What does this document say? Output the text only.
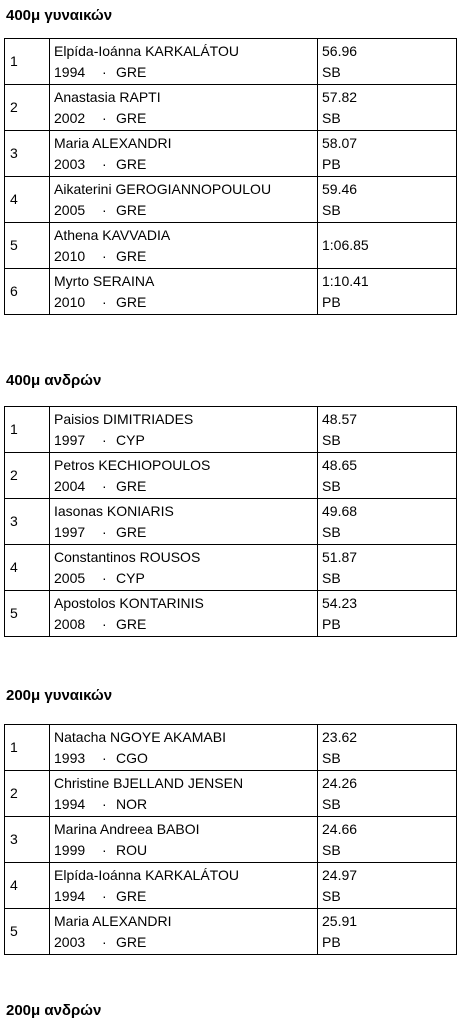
400μ γυναικών
1	Elpída-Ioánna KARKALÁTOU
1994 · GRE	56.96
SB

2	Anastasia RAPTI
2002 · GRE	57.82
SB

3	Maria ALEXANDRI
2003 · GRE	58.07
PB

4	Aikaterini GEROGIANNOPOULOU
2005 · GRE	59.46
SB

5	Athena KAVVADIA
2010 · GRE	1:06.85

6	Myrto SERAINA
2010 · GRE	1:10.41
PB
400μ ανδρών
1	Paisios DIMITRIADES
1997 · CYP	48.57
SB

2	Petros KECHIOPOULOS
2004 · GRE	48.65
SB

3	Iasonas KONIARIS
1997 · GRE	49.68
SB

4	Constantinos ROUSOS
2005 · CYP	51.87
SB

5	Apostolos KONTARINIS
2008 · GRE	54.23
PB
200μ γυναικών
1	Natacha NGOYE AKAMABI
1993 · CGO	23.62
SB

2	Christine BJELLAND JENSEN
1994 · NOR	24.26
SB

3	Marina Andreea BABOI
1999 · ROU	24.66
SB

4	Elpída-Ioánna KARKALÁTOU
1994 · GRE	24.97
SB

5	Maria ALEXANDRI
2003 · GRE	25.91
PB
200μ ανδρών
